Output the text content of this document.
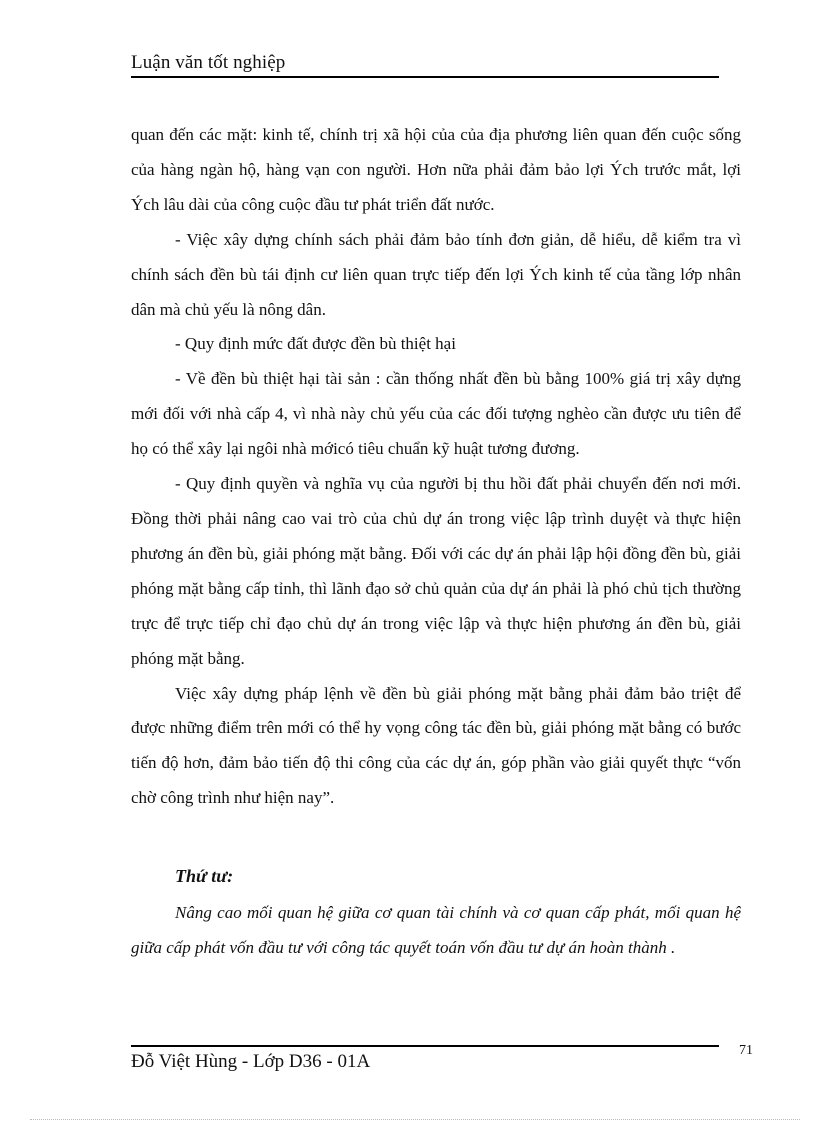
Luận văn tốt nghiệp

quan đến các mặt: kinh tế, chính trị xã hội của của địa phương liên quan đến cuộc sống của hàng ngàn hộ, hàng vạn con người. Hơn nữa phải đảm bảo lợi Ých trước mắt, lợi Ých lâu dài của công cuộc đầu tư phát triển đất nước.

- Việc xây dựng chính sách phải đảm bảo tính đơn giản, dễ hiểu, dễ kiểm tra vì chính sách đền bù tái định cư liên quan trực tiếp đến lợi Ých kinh tế của tầng lớp nhân dân mà chủ yếu là nông dân.

- Quy định mức đất được đền bù thiệt hại

- Về đền bù thiệt hại tài sản : cần thống nhất đền bù bằng 100% giá trị xây dựng mới đối với nhà cấp 4, vì nhà này chủ yếu của các đối tượng nghèo cần được ưu tiên để họ có thể xây lại ngôi nhà mớicó tiêu chuẩn kỹ huật tương đương.

- Quy định quyền và nghĩa vụ của người bị thu hồi đất phải chuyển đến nơi mới. Đồng thời phải nâng cao vai trò của chủ dự án trong việc lập trình duyệt và thực hiện phương án đền bù, giải phóng mặt bằng. Đối với các dự án phải lập hội đồng đền bù, giải phóng mặt bằng cấp tỉnh, thì lãnh đạo sở chủ quản của dự án phải là phó chủ tịch thường trực để trực tiếp chỉ đạo chủ dự án trong việc lập và thực hiện phương án đền bù, giải phóng mặt bằng.

Việc xây dựng pháp lệnh về đền bù giải phóng mặt bằng phải đảm bảo triệt để được những điểm trên mới có thể hy vọng công tác đền bù, giải phóng mặt bằng có bước tiến độ hơn, đảm bảo tiến độ thi công của các dự án, góp phần vào giải quyết thực “vốn chờ công trình như hiện nay”.

Thứ tư:

Nâng cao mối quan hệ giữa cơ quan tài chính và cơ quan cấp phát, mối quan hệ giữa cấp phát vốn đầu tư với công tác quyết toán vốn đầu tư dự án hoàn thành .

Đỗ Việt Hùng - Lớp D36 - 01A
71
